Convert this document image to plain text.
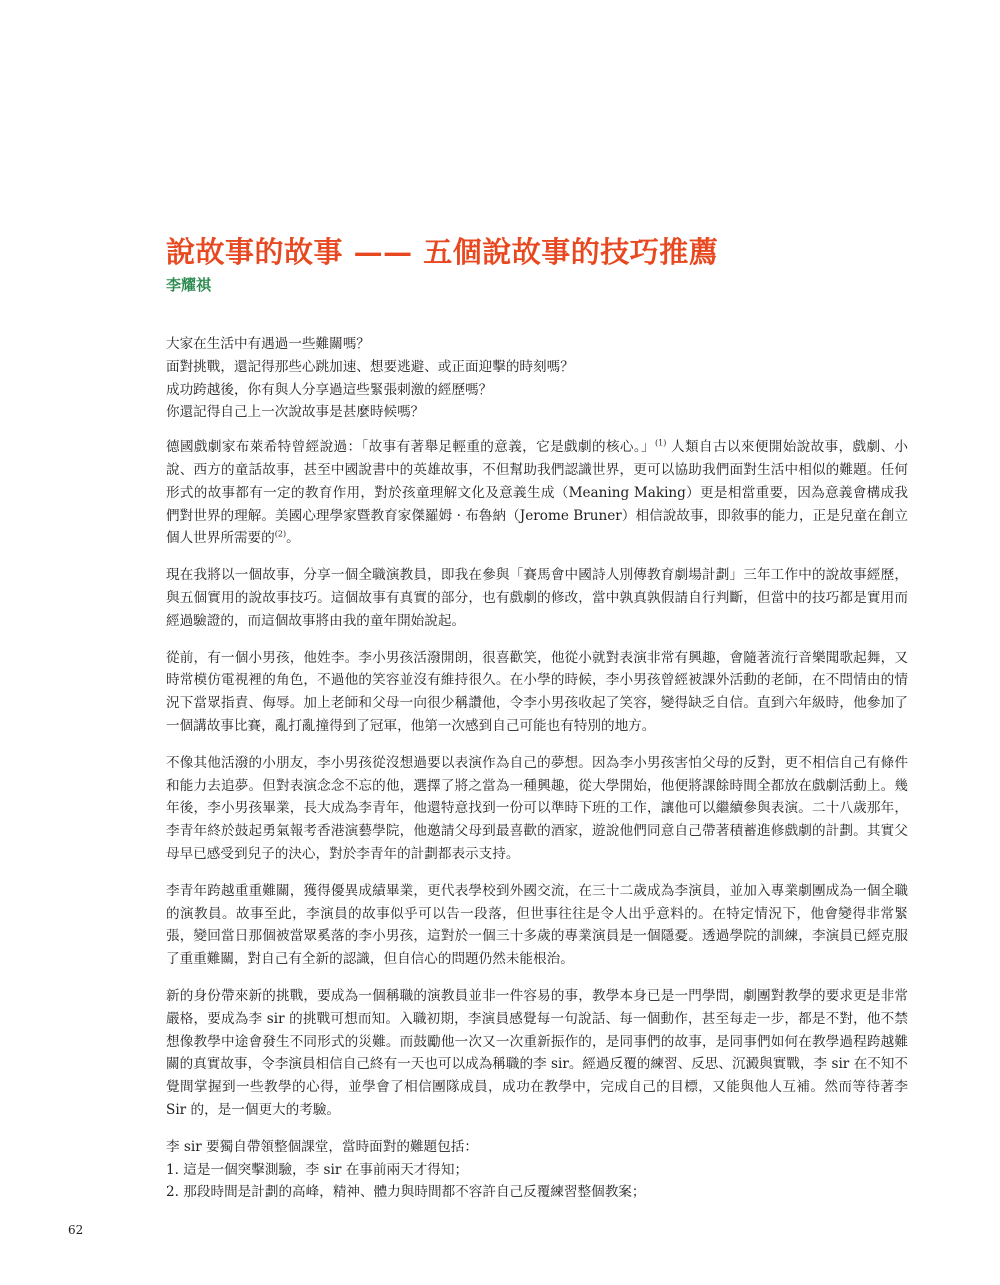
說故事的故事 —— 五個說故事的技巧推薦
李耀祺
大家在生活中有遇過一些難關嗎？
面對挑戰，還記得那些心跳加速、想要逃避、或正面迎擊的時刻嗎？
成功跨越後，你有與人分享過這些緊張刺激的經歷嗎？
你還記得自己上一次說故事是甚麼時候嗎？

德國戲劇家布萊希特曾經說過：「故事有著舉足輕重的意義，它是戲劇的核心。」$^{(1)}$ 人類自古以來便開始說故事，戲劇、小說、西方的童話故事，甚至中國說書中的英雄故事，不但幫助我們認識世界，更可以協助我們面對生活中相似的難題。任何形式的故事都有一定的教育作用，對於孩童理解文化及意義生成（Meaning Making）更是相當重要，因為意義會構成我們對世界的理解。美國心理學家暨教育家傑羅姆 · 布魯納（Jerome Bruner）相信說故事，即敘事的能力，正是兒童在創立個人世界所需要的$^{(2)}$。

現在我將以一個故事，分享一個全職演教員，即我在參與「賽馬會中國詩人別傳教育劇場計劃」三年工作中的說故事經歷，與五個實用的說故事技巧。這個故事有真實的部分，也有戲劇的修改，當中孰真孰假請自行判斷，但當中的技巧都是實用而經過驗證的，而這個故事將由我的童年開始說起。

從前，有一個小男孩，他姓李。李小男孩活潑開朗，很喜歡笑，他從小就對表演非常有興趣，會隨著流行音樂聞歌起舞，又時常模仿電視裡的角色，不過他的笑容並沒有維持很久。在小學的時候，李小男孩曾經被課外活動的老師，在不問情由的情況下當眾指責、侮辱。加上老師和父母一向很少稱讚他，令李小男孩收起了笑容，變得缺乏自信。直到六年級時，他參加了一個講故事比賽，亂打亂撞得到了冠軍，他第一次感到自己可能也有特別的地方。

不像其他活潑的小朋友，李小男孩從沒想過要以表演作為自己的夢想。因為李小男孩害怕父母的反對，更不相信自己有條件和能力去追夢。但對表演念念不忘的他，選擇了將之當為一種興趣，從大學開始，他便將課餘時間全都放在戲劇活動上。幾年後，李小男孩畢業，長大成為李青年，他還特意找到一份可以準時下班的工作，讓他可以繼續參與表演。二十八歲那年，李青年終於鼓起勇氣報考香港演藝學院，他邀請父母到最喜歡的酒家，遊說他們同意自己帶著積蓄進修戲劇的計劃。其實父母早已感受到兒子的決心，對於李青年的計劃都表示支持。

李青年跨越重重難關，獲得優異成績畢業，更代表學校到外國交流，在三十二歲成為李演員，並加入專業劇團成為一個全職的演教員。故事至此，李演員的故事似乎可以告一段落，但世事往往是令人出乎意料的。在特定情況下，他會變得非常緊張，變回當日那個被當眾奚落的李小男孩，這對於一個三十多歲的專業演員是一個隱憂。透過學院的訓練，李演員已經克服了重重難關，對自己有全新的認識，但自信心的問題仍然未能根治。

新的身份帶來新的挑戰，要成為一個稱職的演教員並非一件容易的事，教學本身已是一門學問，劇團對教學的要求更是非常嚴格，要成為李 sir 的挑戰可想而知。入職初期，李演員感覺每一句說話、每一個動作，甚至每走一步，都是不對，他不禁想像教學中途會發生不同形式的災難。而鼓勵他一次又一次重新振作的，是同事們的故事，是同事們如何在教學過程跨越難關的真實故事，令李演員相信自己終有一天也可以成為稱職的李 sir。經過反覆的練習、反思、沉澱與實戰，李 sir 在不知不覺間掌握到一些教學的心得，並學會了相信團隊成員，成功在教學中，完成自己的目標，又能與他人互補。然而等待著李 Sir 的，是一個更大的考驗。

李 sir 要獨自帶領整個課堂，當時面對的難題包括：
1. 這是一個突擊測驗，李 sir 在事前兩天才得知；
2. 那段時間是計劃的高峰，精神、體力與時間都不容許自己反覆練習整個教案；
62
